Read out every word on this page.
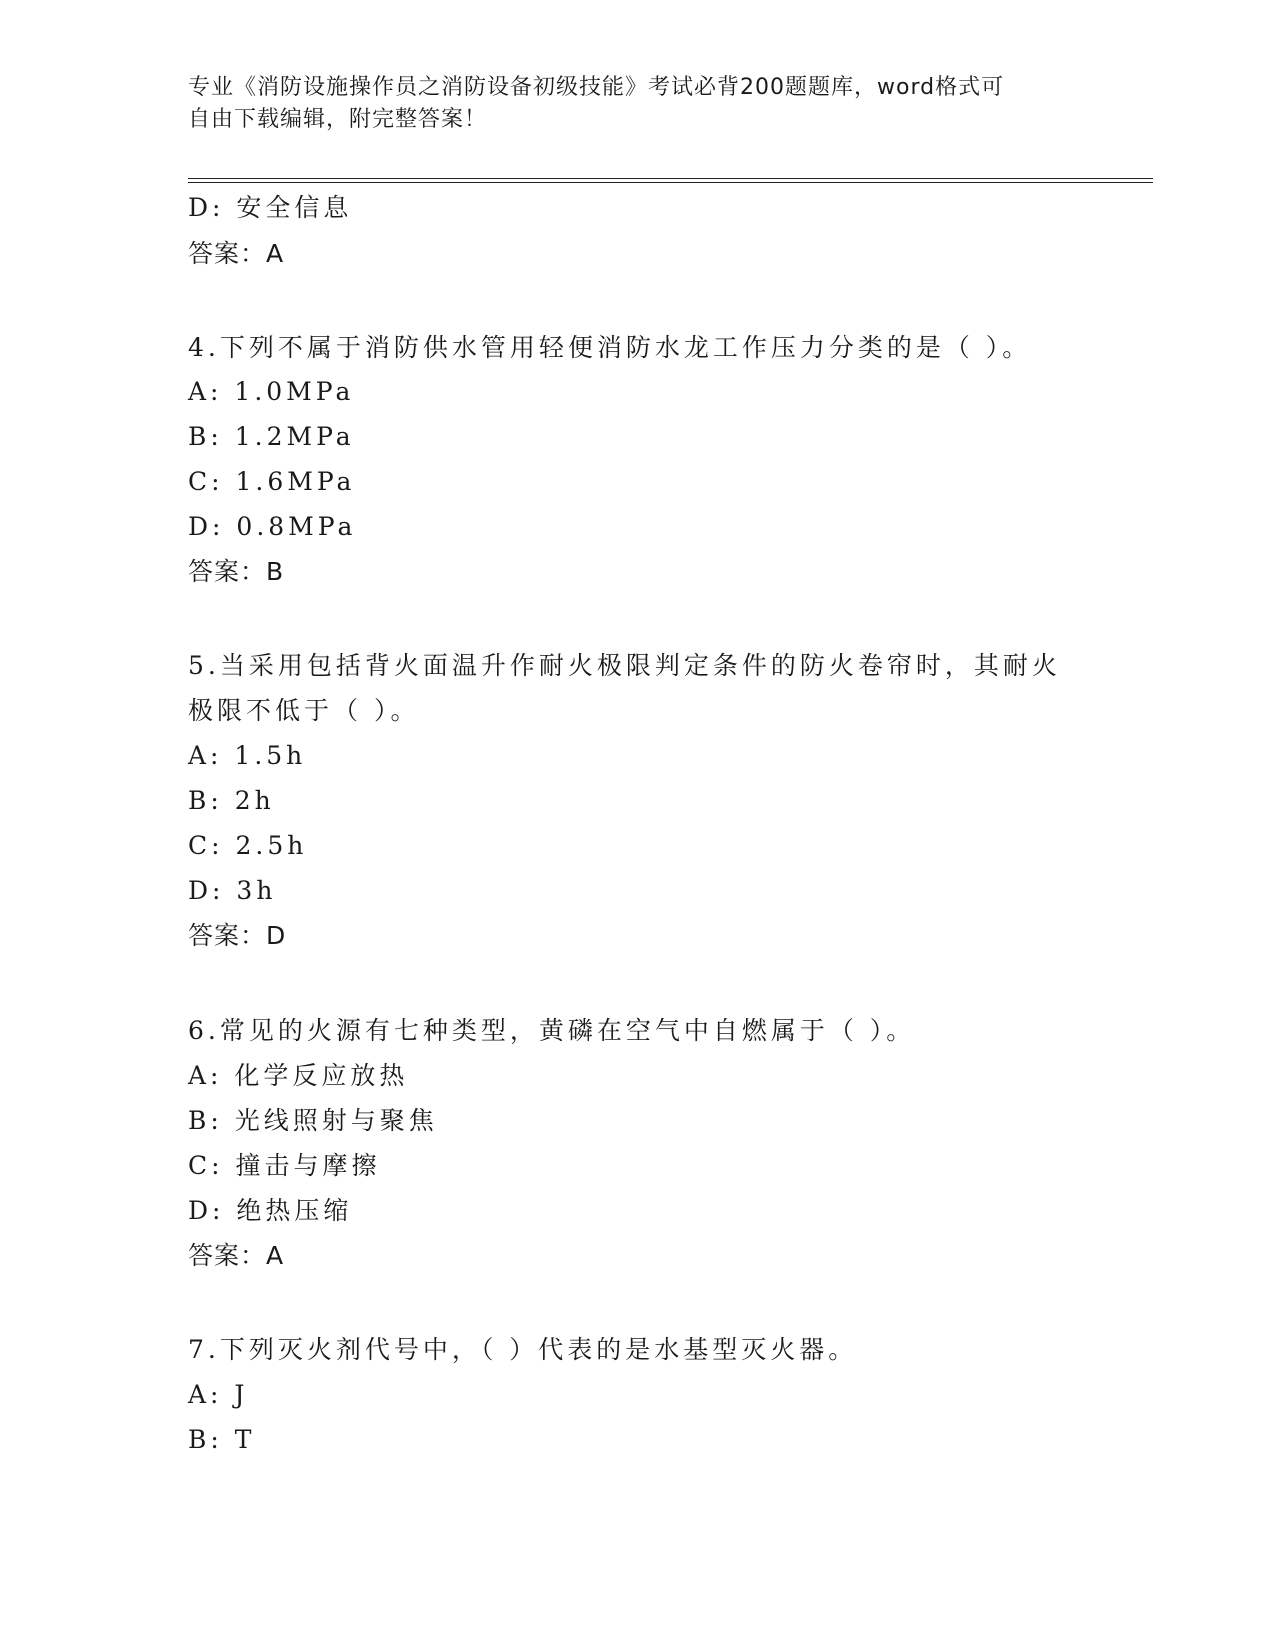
专业《消防设施操作员之消防设备初级技能》考试必背200题题库，word格式可
自由下载编辑，附完整答案！
D: 安全信息
答案：A
4.下列不属于消防供水管用轻便消防水龙工作压力分类的是（ ）。
A: 1.0MPa
B: 1.2MPa
C: 1.6MPa
D: 0.8MPa
答案：B
5.当采用包括背火面温升作耐火极限判定条件的防火卷帘时，其耐火
极限不低于（ ）。
A: 1.5h
B: 2h
C: 2.5h
D: 3h
答案：D
6.常见的火源有七种类型，黄磷在空气中自燃属于（ ）。
A: 化学反应放热
B: 光线照射与聚焦
C: 撞击与摩擦
D: 绝热压缩
答案：A
7.下列灭火剂代号中，（ ）代表的是水基型灭火器。
A: J
B: T
